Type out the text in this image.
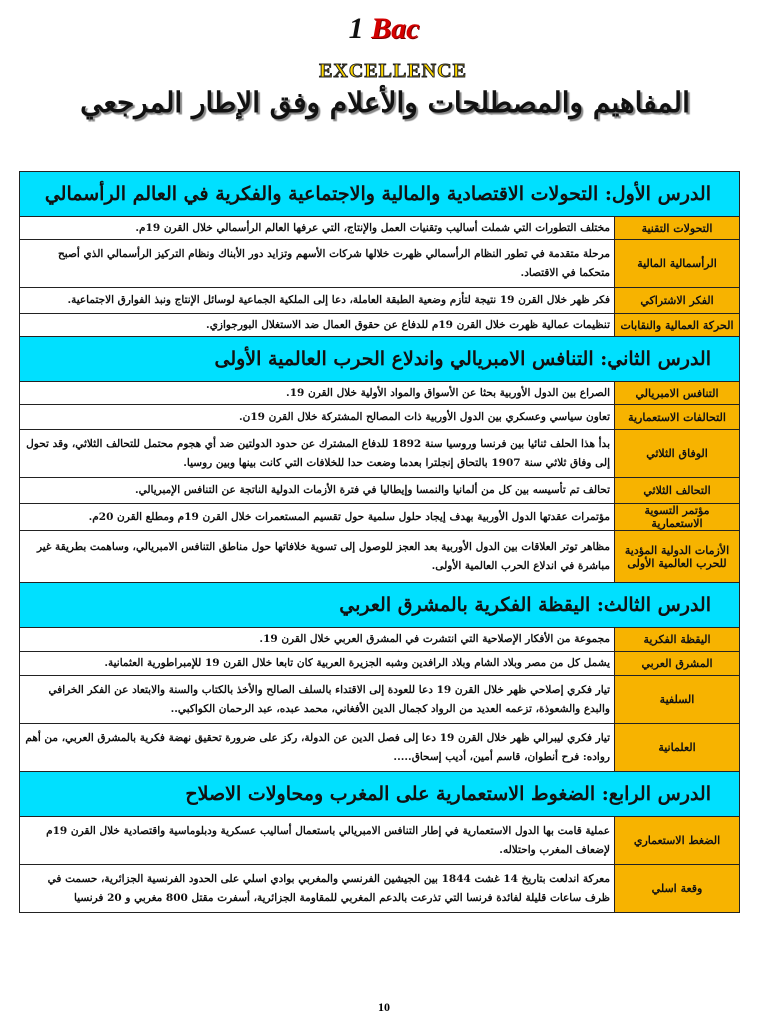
1 Bac
EXCELLENCE
المفاهيم والمصطلحات والأعلام وفق الإطار المرجعي
الدرس الأول: التحولات الاقتصادية والمالية والاجتماعية والفكرية في العالم الرأسمالي	
التحولات التقنية	مختلف التطورات التي شملت أساليب وتقنيات العمل والإنتاج، التي عرفها العالم الرأسمالي خلال القرن 19م.
الرأسمالية المالية	مرحلة متقدمة في تطور النظام الرأسمالي ظهرت خلالها شركات الأسهم وتزايد دور الأبناك ونظام التركيز الرأسمالي الذي أصبح متحكما في الاقتصاد.
الفكر الاشتراكي	فكر ظهر خلال القرن 19 نتيجة لتأزم وضعية الطبقة العاملة، دعا إلى الملكية الجماعية لوسائل الإنتاج ونبذ الفوارق الاجتماعية.
الحركة العمالية والنقابات	تنظيمات عمالية ظهرت خلال القرن 19م للدفاع عن حقوق العمال ضد الاستغلال البورجوازي.
الدرس الثاني: التنافس الامبريالي واندلاع الحرب العالمية الأولى	
التنافس الامبريالي	الصراع بين الدول الأوربية بحثا عن الأسواق والمواد الأولية خلال القرن 19.
التحالفات الاستعمارية	تعاون سياسي وعسكري بين الدول الأوربية ذات المصالح المشتركة خلال القرن 19ن.
الوفاق الثلاثي	بدأ هذا الحلف ثنائيا بين فرنسا وروسيا سنة 1892 للدفاع المشترك عن حدود الدولتين ضد أي هجوم محتمل للتحالف الثلاثي، وقد تحول إلى وفاق ثلاثي سنة 1907 بالتحاق إنجلترا بعدما وضعت حدا للخلافات التي كانت بينها وبين روسيا.
التحالف الثلاثي	تحالف تم تأسيسه بين كل من ألمانيا والنمسا وإيطاليا في فترة الأزمات الدولية الناتجة عن التنافس الإمبريالي.
مؤتمر التسوية الاستعمارية	مؤتمرات عقدتها الدول الأوربية بهدف إيجاد حلول سلمية حول تقسيم المستعمرات خلال القرن 19م ومطلع القرن 20م.
الأزمات الدولية المؤدية للحرب العالمية الأولى	مظاهر توتر العلاقات بين الدول الأوربية بعد العجز للوصول إلى تسوية خلافاتها حول مناطق التنافس الامبريالي، وساهمت بطريقة غير مباشرة في اندلاع الحرب العالمية الأولى.
الدرس الثالث: اليقظة الفكرية بالمشرق العربي	
اليقظة الفكرية	مجموعة من الأفكار الإصلاحية التي انتشرت في المشرق العربي خلال القرن 19.
المشرق العربي	يشمل كل من مصر وبلاد الشام وبلاد الرافدين وشبه الجزيرة العربية كان تابعا خلال القرن 19 للإمبراطورية العثمانية.
السلفية	تيار فكري إصلاحي ظهر خلال القرن 19 دعا للعودة إلى الاقتداء بالسلف الصالح والأخذ بالكتاب والسنة والابتعاد عن الفكر الخرافي والبدع والشعوذة، تزعمه العديد من الرواد كجمال الدين الأفغاني، محمد عبده، عبد الرحمان الكواكبي..
العلمانية	تيار فكري ليبرالي ظهر خلال القرن 19 دعا إلى فصل الدين عن الدولة، ركز على ضرورة تحقيق نهضة فكرية بالمشرق العربي، من أهم رواده: فرح أنطوان، قاسم أمين، أديب إسحاق.....
الدرس الرابع: الضغوط الاستعمارية على المغرب ومحاولات الاصلاح	
الضغط الاستعماري	عملية قامت بها الدول الاستعمارية في إطار التنافس الامبريالي باستعمال أساليب عسكرية ودبلوماسية واقتصادية خلال القرن 19م لإضعاف المغرب واحتلاله.
وقعة اسلي	معركة اندلعت بتاريخ 14 غشت 1844 بين الجيشين الفرنسي والمغربي بوادي اسلي على الحدود الفرنسية الجزائرية، حسمت في ظرف ساعات قليلة لفائدة فرنسا التي تذرعت بالدعم المغربي للمقاومة الجزائرية، أسفرت مقتل 800 مغربي و 20 فرنسيا
10
